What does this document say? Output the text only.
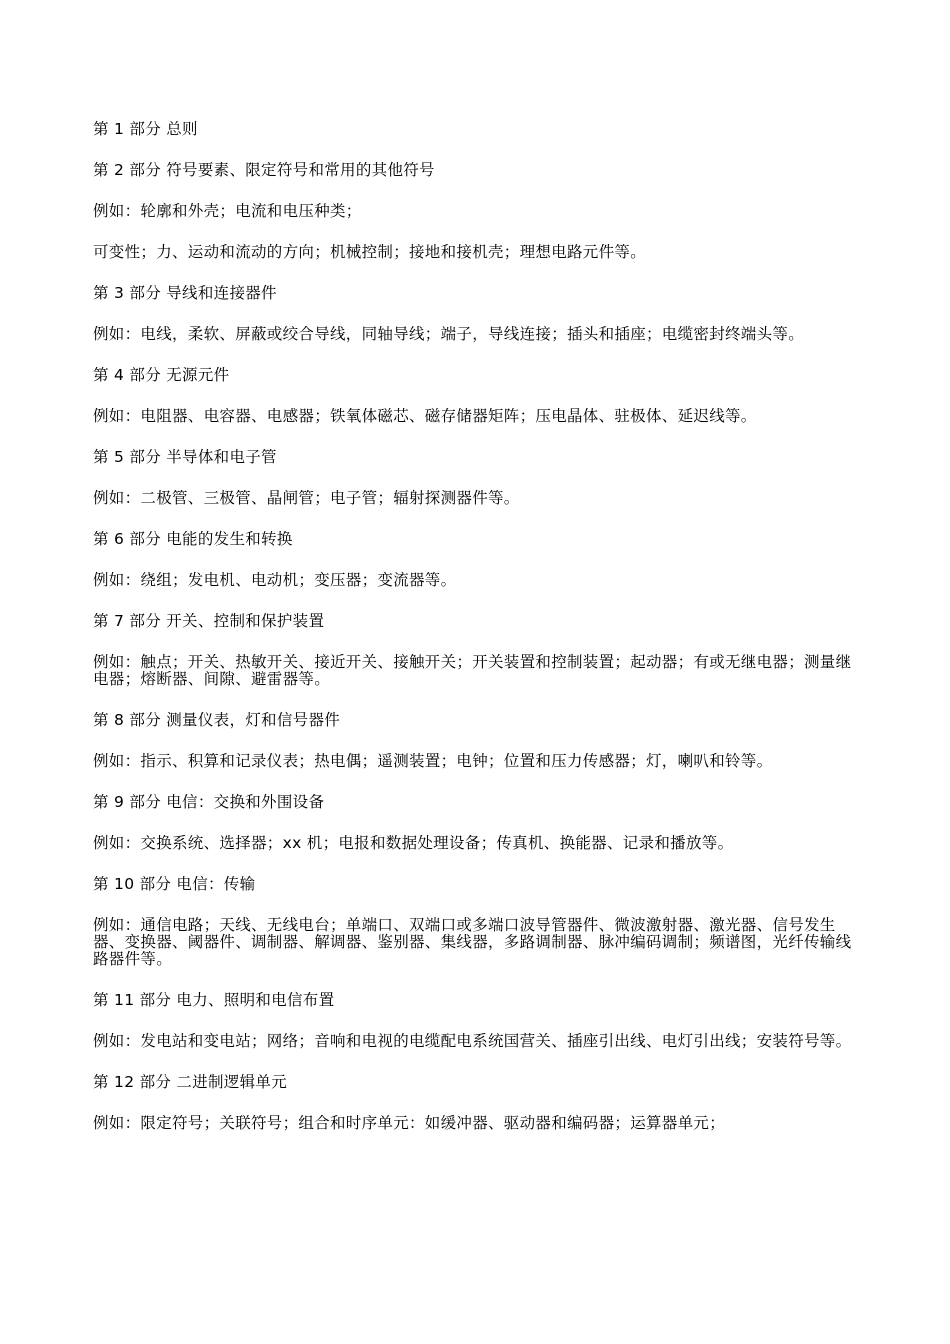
第 1 部分 总则

第 2 部分 符号要素、限定符号和常用的其他符号

例如：轮廓和外壳；电流和电压种类；

可变性；力、运动和流动的方向；机械控制；接地和接机壳；理想电路元件等。

第 3 部分 导线和连接器件

例如：电线，柔软、屏蔽或绞合导线，同轴导线；端子，导线连接；插头和插座；电缆密封终端头等。

第 4 部分 无源元件

例如：电阻器、电容器、电感器；铁氧体磁芯、磁存储器矩阵；压电晶体、驻极体、延迟线等。

第 5 部分 半导体和电子管

例如：二极管、三极管、晶闸管；电子管；辐射探测器件等。

第 6 部分 电能的发生和转换

例如：绕组；发电机、电动机；变压器；变流器等。

第 7 部分 开关、控制和保护装置

例如：触点；开关、热敏开关、接近开关、接触开关；开关装置和控制装置；起动器；有或无继电器；测量继电器；熔断器、间隙、避雷器等。

第 8 部分 测量仪表，灯和信号器件

例如：指示、积算和记录仪表；热电偶；遥测装置；电钟；位置和压力传感器；灯，喇叭和铃等。

第 9 部分 电信：交换和外围设备

例如：交换系统、选择器；xx 机；电报和数据处理设备；传真机、换能器、记录和播放等。

第 10 部分 电信：传输

例如：通信电路；天线、无线电台；单端口、双端口或多端口波导管器件、微波激射器、激光器、信号发生器、变换器、阈器件、调制器、解调器、鉴别器、集线器，多路调制器、脉冲编码调制；频谱图，光纤传输线路器件等。

第 11 部分 电力、照明和电信布置

例如：发电站和变电站；网络；音响和电视的电缆配电系统国营关、插座引出线、电灯引出线；安装符号等。

第 12 部分 二进制逻辑单元

例如：限定符号；关联符号；组合和时序单元：如缓冲器、驱动器和编码器；运算器单元；
